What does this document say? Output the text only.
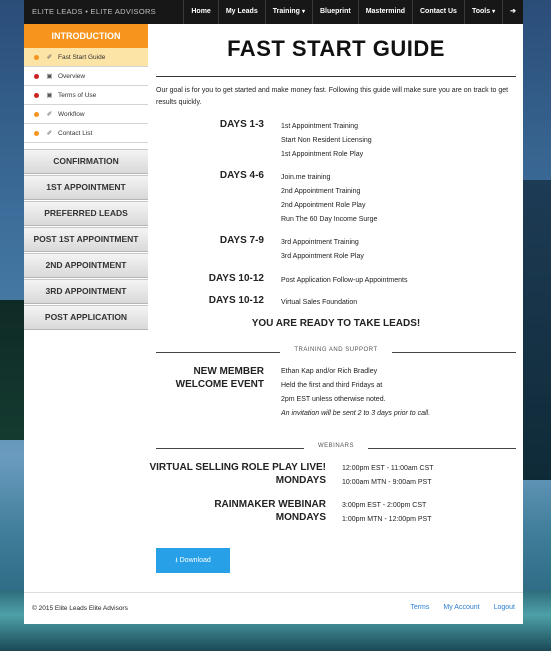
ELITE LEADS • ELITE ADVISORS	Home	My Leads	Training ▾	Blueprint	Mastermind	Contact Us	Tools ▾	➔
INTRODUCTION
✐ Fast Start Guide
▣ Overview
▣ Terms of Use
✐ Workflow
✐ Contact List
CONFIRMATION
1ST APPOINTMENT
PREFERRED LEADS
POST 1ST APPOINTMENT
2ND APPOINTMENT
3RD APPOINTMENT
POST APPLICATION
FAST START GUIDE
Our goal is for you to get started and make money fast. Following this guide will make sure you are on track to get results quickly.
DAYS 1-3 1st Appointment Training
Start Non Resident Licensing
1st Appointment Role Play
DAYS 4-6 Join.me training
2nd Appointment Training
2nd Appointment Role Play
Run The 60 Day Income Surge
DAYS 7-9 3rd Appointment Training
3rd Appointment Role Play
DAYS 10-12 Post Application Follow-up Appointments
DAYS 10-12 Virtual Sales Foundation
YOU ARE READY TO TAKE LEADS!
TRAINING AND SUPPORT
NEW MEMBER
WELCOME EVENT
Ethan Kap and/or Rich Bradley
Held the first and third Fridays at
2pm EST unless otherwise noted.
An invitation will be sent 2 to 3 days prior to call.
WEBINARS
VIRTUAL SELLING ROLE PLAY LIVE!
MONDAYS
12:00pm EST - 11:00am CST
10:00am MTN - 9:00am PST
RAINMAKER WEBINAR
MONDAYS
3:00pm EST - 2:00pm CST
1:00pm MTN - 12:00pm PST
⭳ Download
© 2015 Elite Leads Elite Advisors	Terms My Account Logout
